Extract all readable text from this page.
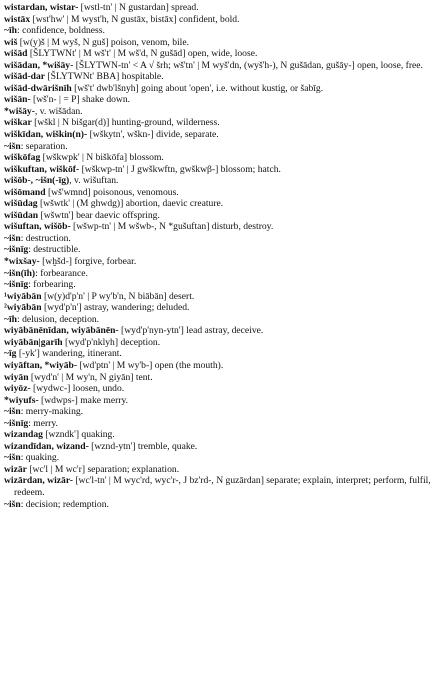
wistardan, wistar- [wstl-tn' | N gustardan] spread.

wistāx [wst'hw' | M wyst'h, N gustāx, bistāx] confident, bold.

~īh: confidence, boldness.

wiš [w(y)š | M wyš, N guš] poison, venom, bile.

wišād [ŠLYTWNt' | M wš't' | M wš'd, N gušād] open, wide, loose.

wišādan, *wišāy- [ŠLYTWN-tn' < A √ šrh; wš'tn' | M wyš'dn, (wyš'h-), N gušādan, gušāy-] open, loose, free.

wišād-dar [ŠLYTWNt' BBA] hospitable.

wišād-dwārišnīh [wš't' dwb'lšnyh] going about 'open', i.e. without kustig, or šabīg.

wišān- [wš'n- | = P] shake down.

*wišāy-, v. wišādan.

wiškar [wškl | N bišgar(d)] hunting-ground, wilderness.

wiškīdan, wiškin(n)- [wškytn', wškn-] divide, separate.

~išn: separation.

wiškōfag [wškwpk' | N biškōfa] blossom.

wiškuftan, wiškōf- [wškwp-tn' | J gwškwftn, gwškwβ-] blossom; hatch.

wišōb-, ~išn(-īg), v. wišuftan.

wišōmand [wš'wmnd] poisonous, venomous.

wišūdag [wšwtk' | (M ghwdg)] abortion, daevic creature.

wišūdan [wšwtn'] bear daevic offspring.

wišuftan, wišōb- [wšwp-tn' | M wšwb-, N *gušuftan] disturb, destroy.

~išn: destruction.

~išnīg: destructible.

*wixšay- [wḫšd-] forgive, forbear.

~išn(īh): forbearance.

~išnīg: forbearing.

¹wiyābān [w(y)d'p'n' | P wy'b'n, N biābān] desert.

²wiyābān [wyd'p'n'] astray, wandering; deluded.

~īh: delusion, deception.

wiyābānēnīdan, wiyābānēn- [wyd'p'nyn-ytn'] lead astray, deceive.

wiyābān|garīh [wyd'p'nklyh] deception.

~īg [-yk'] wandering, itinerant.

wiyāftan, *wiyāb- [wd'ptn' | M wy'b-] open (the mouth).

wiyān [wyd'n' | M wy'n, N giyān] tent.

wiyōz- [wydwc-] loosen, undo.

*wiyufs- [wdwps-] make merry.

~išn: merry-making.

~išnīg: merry.

wizandag [wzndk'] quaking.

wizandīdan, wizand- [wznd-ytn'] tremble, quake.

~išn: quaking.

wizār [wc'l | M wc'r] separation; explanation.

wizārdan, wizār- [wc'l-tn' | M wyc'rd, wyc'r-, J bz'rd-, N guzārdan] separate; explain, interpret; perform, fulfil, redeem.

~išn: decision; redemption.
